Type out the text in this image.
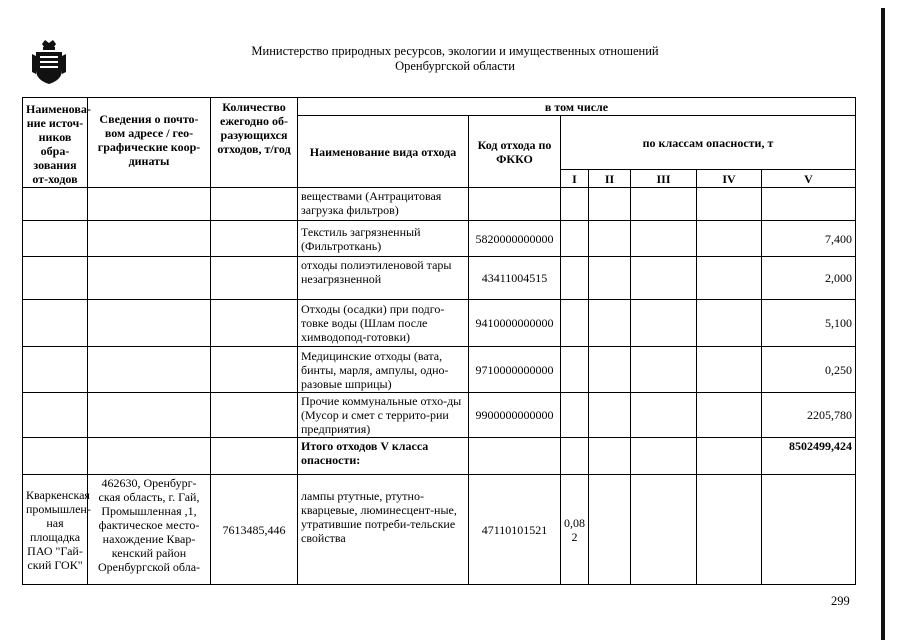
Министерство природных ресурсов, экологии и имущественных отношений
Оренбургской области
Наименова-ние источ-ников обра-зования от-ходов	Сведения о почто-вом адресе / гео-графические коор-динаты	Количество ежегодно об-разующихся отходов, т/год	в том числе						
			Наименование вида отхода	Код отхода по ФККО	по классам опасности, т				
					I	II	III	IV	V
			веществами (Антрацитовая загрузка фильтров)						
			Текстиль загрязненный (Фильтроткань)	5820000000000					7,400
			отходы полиэтиленовой тары незагрязненной	43411004515					2,000
			Отходы (осадки) при подго-товке воды (Шлам после химводопод-готовки)	9410000000000					5,100
			Медицинские отходы (вата, бинты, марля, ампулы, одно-разовые шприцы)	9710000000000					0,250
			Прочие коммунальные отхо-ды (Мусор и смет с террито-рии предприятия)	9900000000000					2205,780
			Итого отходов V класса опасности:						8502499,424
Кваркенская промышлен-ная площадка ПАО "Гай-ский ГОК"	462630, Оренбург-ская область, г. Гай, Промышленная ,1, фактическое место-нахождение Квар-кенский район Оренбургской обла-	7613485,446	лампы ртутные, ртутно-кварцевые, люминесцент-ные, утратившие потреби-тельские свойства	47110101521	0,082				
299
